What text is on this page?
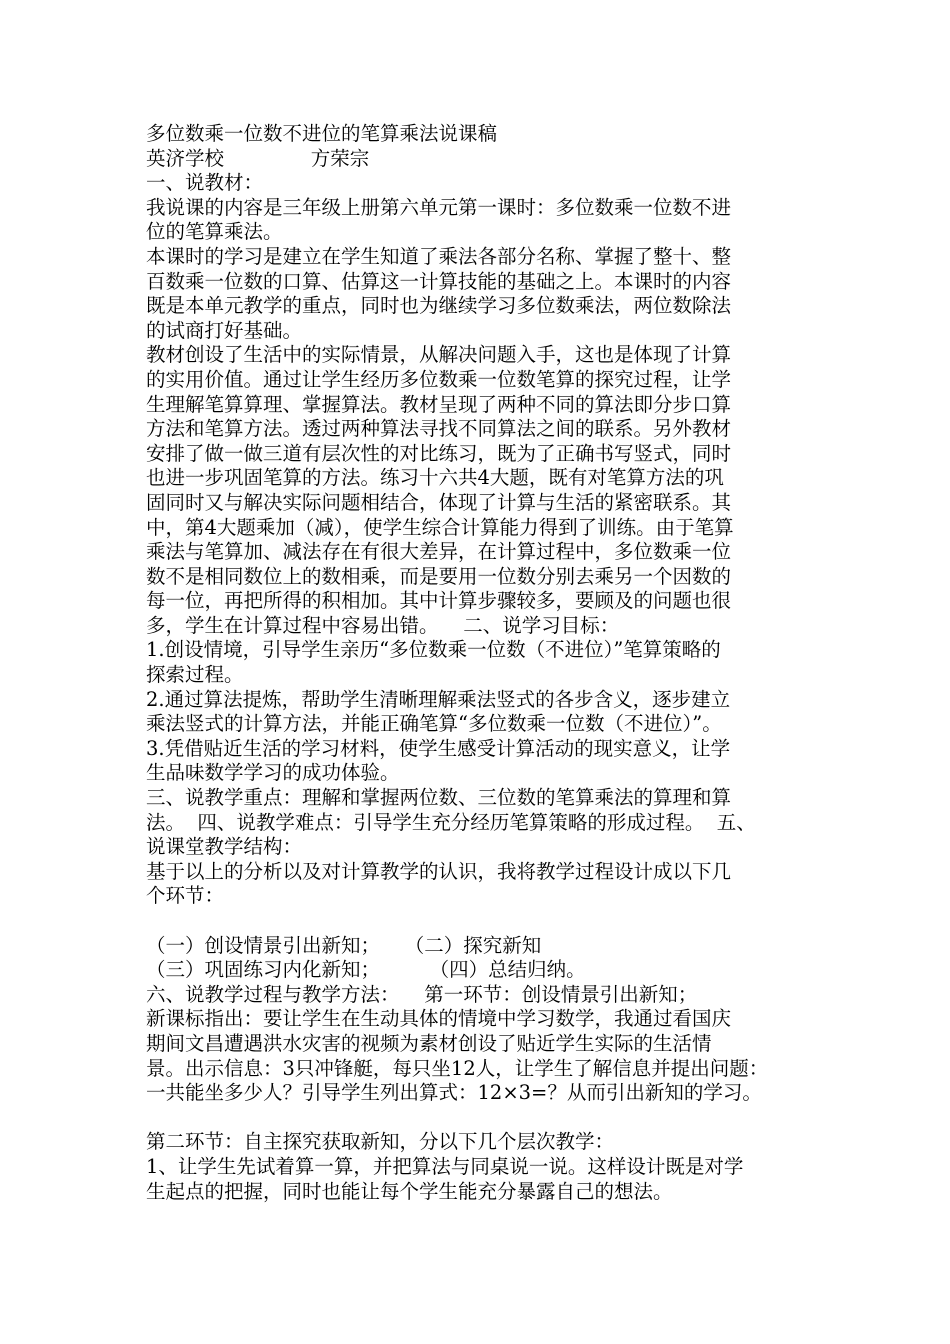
多位数乘一位数不进位的笔算乘法说课稿
英济学校              方荣宗
一、说教材：
我说课的内容是三年级上册第六单元第一课时：多位数乘一位数不进
位的笔算乘法。
本课时的学习是建立在学生知道了乘法各部分名称、掌握了整十、整
百数乘一位数的口算、估算这一计算技能的基础之上。本课时的内容
既是本单元教学的重点，同时也为继续学习多位数乘法，两位数除法
的试商打好基础。
教材创设了生活中的实际情景，从解决问题入手，这也是体现了计算
的实用价值。通过让学生经历多位数乘一位数笔算的探究过程，让学
生理解笔算算理、掌握算法。教材呈现了两种不同的算法即分步口算
方法和笔算方法。透过两种算法寻找不同算法之间的联系。另外教材
安排了做一做三道有层次性的对比练习，既为了正确书写竖式，同时
也进一步巩固笔算的方法。练习十六共4大题，既有对笔算方法的巩
固同时又与解决实际问题相结合，体现了计算与生活的紧密联系。其
中，第4大题乘加（减），使学生综合计算能力得到了训练。由于笔算
乘法与笔算加、减法存在有很大差异，在计算过程中，多位数乘一位
数不是相同数位上的数相乘，而是要用一位数分别去乘另一个因数的
每一位，再把所得的积相加。其中计算步骤较多，要顾及的问题也很
多，学生在计算过程中容易出错。    二、说学习目标：
1.创设情境，引导学生亲历“多位数乘一位数（不进位）”笔算策略的
探索过程。
2.通过算法提炼，帮助学生清晰理解乘法竖式的各步含义，逐步建立
乘法竖式的计算方法，并能正确笔算“多位数乘一位数（不进位）”。
3.凭借贴近生活的学习材料，使学生感受计算活动的现实意义，让学
生品味数学学习的成功体验。
三、说教学重点：理解和掌握两位数、三位数的笔算乘法的算理和算
法。  四、说教学难点：引导学生充分经历笔算策略的形成过程。  五、
说课堂教学结构：
基于以上的分析以及对计算教学的认识，我将教学过程设计成以下几
个环节：
（一）创设情景引出新知；    （二）探究新知
（三）巩固练习内化新知；        （四）总结归纳。
六、说教学过程与教学方法：    第一环节：创设情景引出新知；
新课标指出：要让学生在生动具体的情境中学习数学，我通过看国庆
期间文昌遭遇洪水灾害的视频为素材创设了贴近学生实际的生活情
景。出示信息：3只冲锋艇，每只坐12人，让学生了解信息并提出问题：
一共能坐多少人？引导学生列出算式：12×3=？从而引出新知的学习。
第二环节：自主探究获取新知，分以下几个层次教学：
1、让学生先试着算一算，并把算法与同桌说一说。这样设计既是对学
生起点的把握，同时也能让每个学生能充分暴露自己的想法。
